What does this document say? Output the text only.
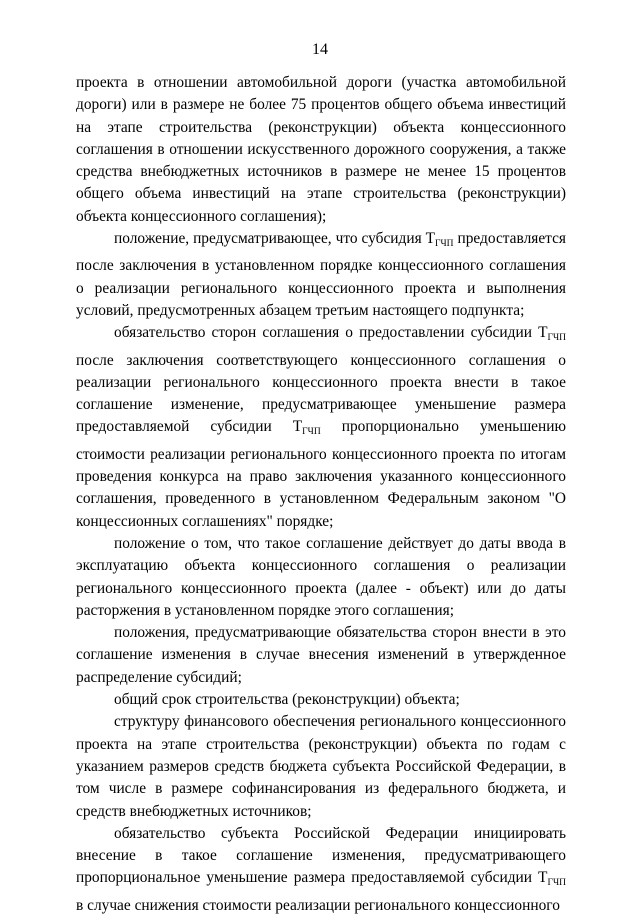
14

проекта в отношении автомобильной дороги (участка автомобильной дороги) или в размере не более 75 процентов общего объема инвестиций на этапе строительства (реконструкции) объекта концессионного соглашения в отношении искусственного дорожного сооружения, а также средства внебюджетных источников в размере не менее 15 процентов общего объема инвестиций на этапе строительства (реконструкции) объекта концессионного соглашения);

положение, предусматривающее, что субсидия $Т_{ГЧП}$ предоставляется после заключения в установленном порядке концессионного соглашения о реализации регионального концессионного проекта и выполнения условий, предусмотренных абзацем третьим настоящего подпункта;

обязательство сторон соглашения о предоставлении субсидии $Т_{ГЧП}$ после заключения соответствующего концессионного соглашения о реализации регионального концессионного проекта внести в такое соглашение изменение, предусматривающее уменьшение размера предоставляемой субсидии $Т_{ГЧП}$ пропорционально уменьшению стоимости реализации регионального концессионного проекта по итогам проведения конкурса на право заключения указанного концессионного соглашения, проведенного в установленном Федеральным законом "О концессионных соглашениях" порядке;

положение о том, что такое соглашение действует до даты ввода в эксплуатацию объекта концессионного соглашения о реализации регионального концессионного проекта (далее - объект) или до даты расторжения в установленном порядке этого соглашения;

положения, предусматривающие обязательства сторон внести в это соглашение изменения в случае внесения изменений в утвержденное распределение субсидий;

общий срок строительства (реконструкции) объекта;

структуру финансового обеспечения регионального концессионного проекта на этапе строительства (реконструкции) объекта по годам с указанием размеров средств бюджета субъекта Российской Федерации, в том числе в размере софинансирования из федерального бюджета, и средств внебюджетных источников;

обязательство субъекта Российской Федерации инициировать внесение в такое соглашение изменения, предусматривающего пропорциональное уменьшение размера предоставляемой субсидии $Т_{ГЧП}$ в случае снижения стоимости реализации регионального концессионного
